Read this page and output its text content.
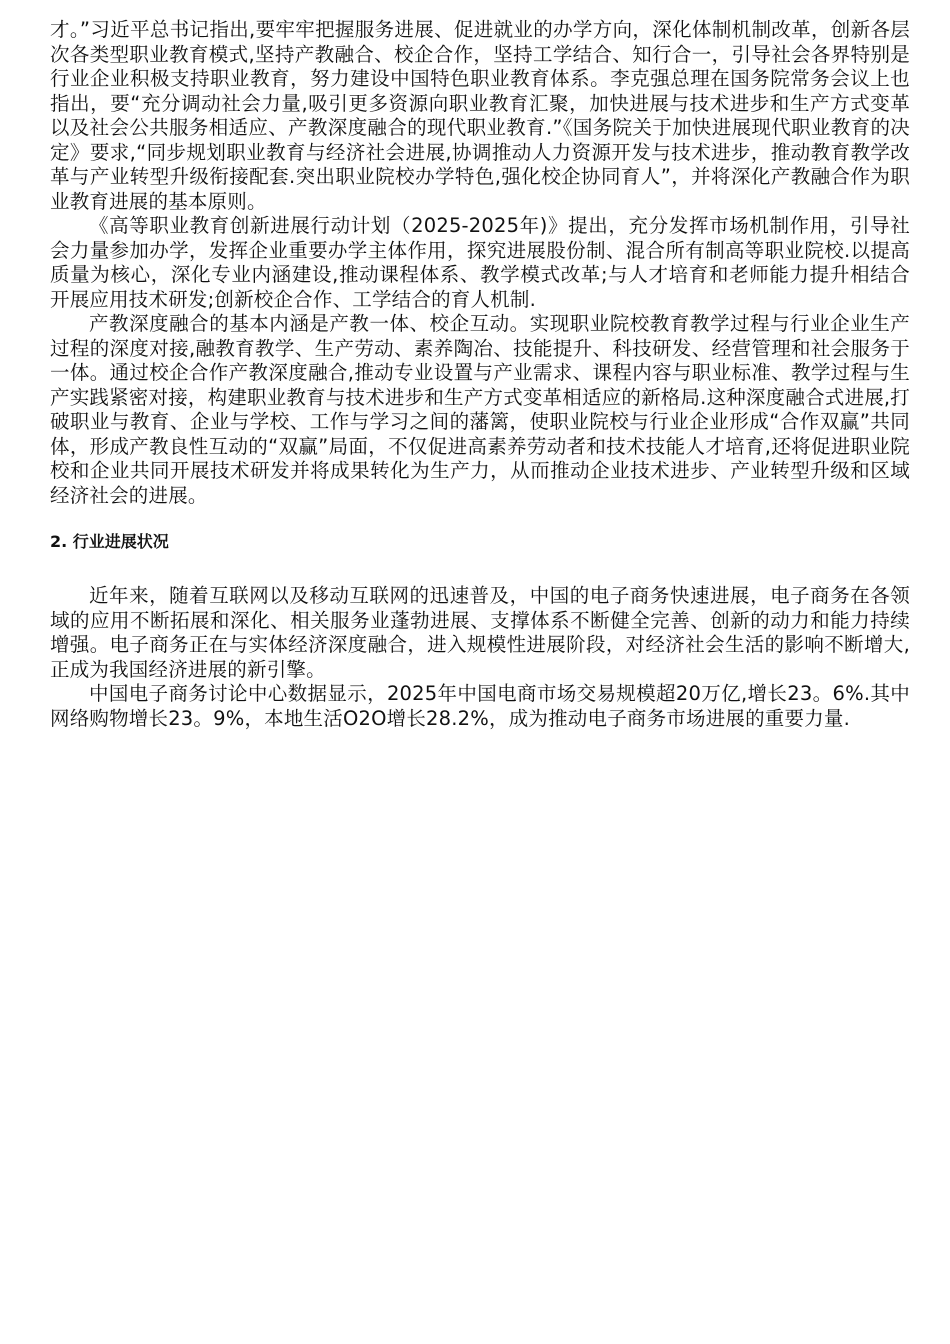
才。”习近平总书记指出,要牢牢把握服务进展、促进就业的办学方向，深化体制机制改革，创新各层次各类型职业教育模式,坚持产教融合、校企合作，坚持工学结合、知行合一，引导社会各界特别是行业企业积极支持职业教育，努力建设中国特色职业教育体系。李克强总理在国务院常务会议上也指出，要“充分调动社会力量,吸引更多资源向职业教育汇聚，加快进展与技术进步和生产方式变革以及社会公共服务相适应、产教深度融合的现代职业教育.”《国务院关于加快进展现代职业教育的决定》要求,“同步规划职业教育与经济社会进展,协调推动人力资源开发与技术进步，推动教育教学改革与产业转型升级衔接配套.突出职业院校办学特色,强化校企协同育人”，并将深化产教融合作为职业教育进展的基本原则。

《高等职业教育创新进展行动计划（2025-2025年)》提出，充分发挥市场机制作用，引导社会力量参加办学，发挥企业重要办学主体作用，探究进展股份制、混合所有制高等职业院校.以提高质量为核心，深化专业内涵建设,推动课程体系、教学模式改革;与人才培育和老师能力提升相结合开展应用技术研发;创新校企合作、工学结合的育人机制.

产教深度融合的基本内涵是产教一体、校企互动。实现职业院校教育教学过程与行业企业生产过程的深度对接,融教育教学、生产劳动、素养陶冶、技能提升、科技研发、经营管理和社会服务于一体。通过校企合作产教深度融合,推动专业设置与产业需求、课程内容与职业标准、教学过程与生产实践紧密对接，构建职业教育与技术进步和生产方式变革相适应的新格局.这种深度融合式进展,打破职业与教育、企业与学校、工作与学习之间的藩篱，使职业院校与行业企业形成“合作双赢”共同体，形成产教良性互动的“双赢”局面，不仅促进高素养劳动者和技术技能人才培育,还将促进职业院校和企业共同开展技术研发并将成果转化为生产力，从而推动企业技术进步、产业转型升级和区域经济社会的进展。

2. 行业进展状况

近年来，随着互联网以及移动互联网的迅速普及，中国的电子商务快速进展，电子商务在各领域的应用不断拓展和深化、相关服务业蓬勃进展、支撑体系不断健全完善、创新的动力和能力持续增强。电子商务正在与实体经济深度融合，进入规模性进展阶段，对经济社会生活的影响不断增大,正成为我国经济进展的新引擎。

中国电子商务讨论中心数据显示，2025年中国电商市场交易规模超20万亿,增长23。6%.其中网络购物增长23。9%，本地生活O2O增长28.2%，成为推动电子商务市场进展的重要力量.
